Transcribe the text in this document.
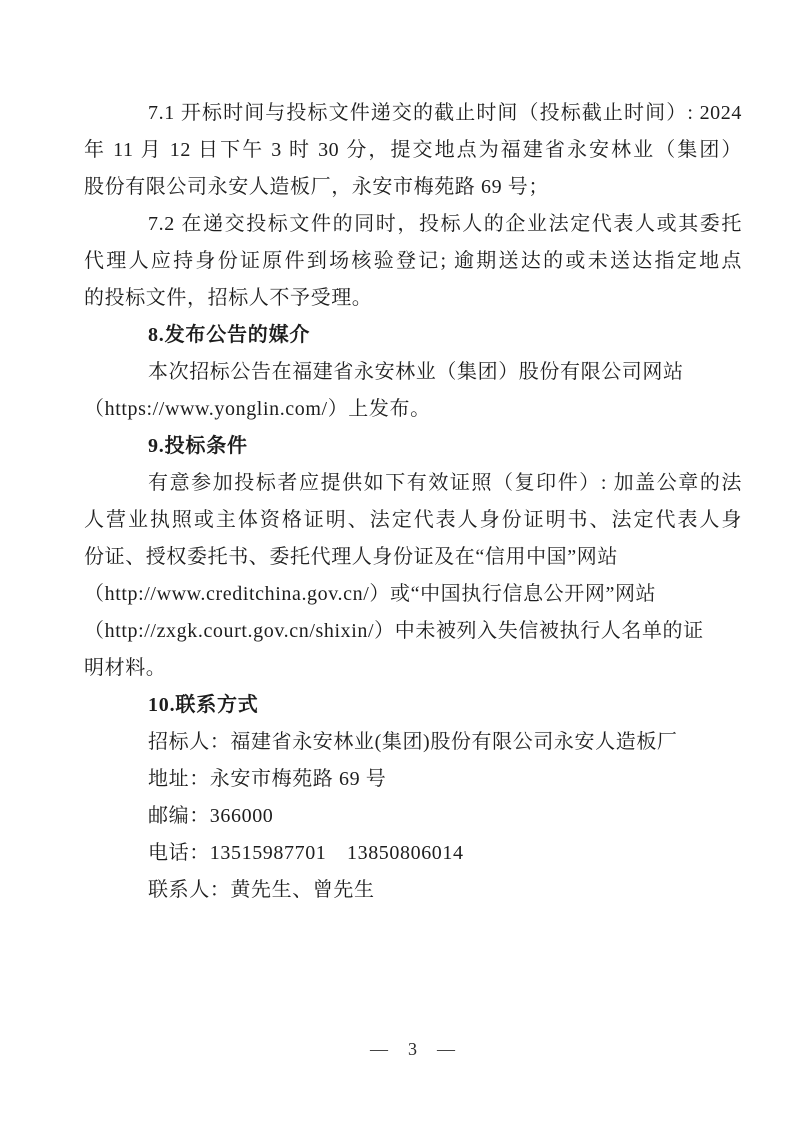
7.1 开标时间与投标文件递交的截止时间（投标截止时间）: 2024
年 11 月 12 日下午 3 时 30 分，提交地点为福建省永安林业（集团）
股份有限公司永安人造板厂，永安市梅苑路 69 号；
7.2 在递交投标文件的同时，投标人的企业法定代表人或其委托
代理人应持身份证原件到场核验登记; 逾期送达的或未送达指定地点
的投标文件，招标人不予受理。
8.发布公告的媒介
本次招标公告在福建省永安林业（集团）股份有限公司网站
（https://www.yonglin.com/）上发布。
9.投标条件
有意参加投标者应提供如下有效证照（复印件）: 加盖公章的法
人营业执照或主体资格证明、法定代表人身份证明书、法定代表人身
份证、授权委托书、委托代理人身份证及在“信用中国”网站
（http://www.creditchina.gov.cn/）或“中国执行信息公开网”网站
（http://zxgk.court.gov.cn/shixin/）中未被列入失信被执行人名单的证
明材料。
10.联系方式
招标人：福建省永安林业(集团)股份有限公司永安人造板厂
地址：永安市梅苑路 69 号
邮编：366000
电话：13515987701　13850806014
联系人：黄先生、曾先生
—　3　—
